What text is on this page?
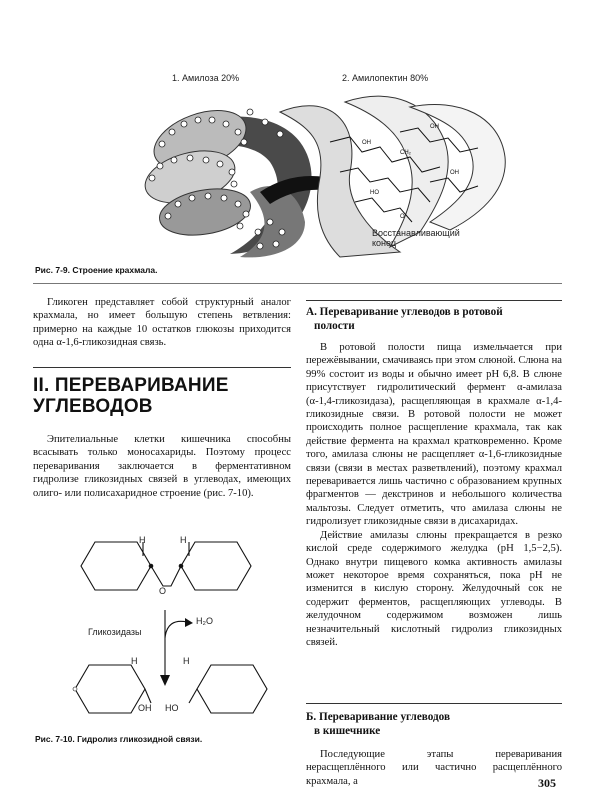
1. Амилоза 20%	2. Амилопектин 80%
OH
CH₂
OH
HO
OH
O
Восстанавливающий конец
Рис. 7-9. Строение крахмала.

Гликоген представляет собой структурный аналог крахмала, но имеет большую степень ветвления: примерно на каждые 10 остатков глюкозы приходится одна α-1,6-гликозидная связь.

II. ПЕРЕВАРИВАНИЕ
УГЛЕВОДОВ

Эпителиальные клетки кишечника способны всасывать только моносахариды. Поэтому процесс переваривания заключается в ферментативном гидролизе гликозидных связей в углеводах, имеющих олиго- или полисахаридное строение (рис. 7-10).

H	H
O
Гликозидазы
H₂O
H	H
OH HO
Рис. 7-10. Гидролиз гликозидной связи.
А. Переваривание углеводов в ротовой
полости

В ротовой полости пища измельчается при пережёвывании, смачиваясь при этом слюной. Слюна на 99% состоит из воды и обычно имеет pH 6,8. В слюне присутствует гидролитический фермент α-амилаза (α-1,4-гликозидаза), расщепляющая в крахмале α-1,4-гликозидные связи. В ротовой полости не может происходить полное расщепление крахмала, так как действие фермента на крахмал кратковременно. Кроме того, амилаза слюны не расщепляет α-1,6-гликозидные связи (связи в местах разветвлений), поэтому крахмал переваривается лишь частично с образованием крупных фрагментов — декстринов и небольшого количества мальтозы. Следует отметить, что амилаза слюны не гидролизует гликозидные связи в дисахаридах.

Действие амилазы слюны прекращается в резко кислой среде содержимого желудка (pH 1,5−2,5). Однако внутри пищевого комка активность амилазы может некоторое время сохраняться, пока pH не изменится в кислую сторону. Желудочный сок не содержит ферментов, расщепляющих углеводы. В желудочном содержимом возможен лишь незначительный кислотный гидролиз гликозидных связей.

Б. Переваривание углеводов
в кишечнике

Последующие этапы переваривания нерасщеплённого или частично расщеплённого крахмала, а	305
